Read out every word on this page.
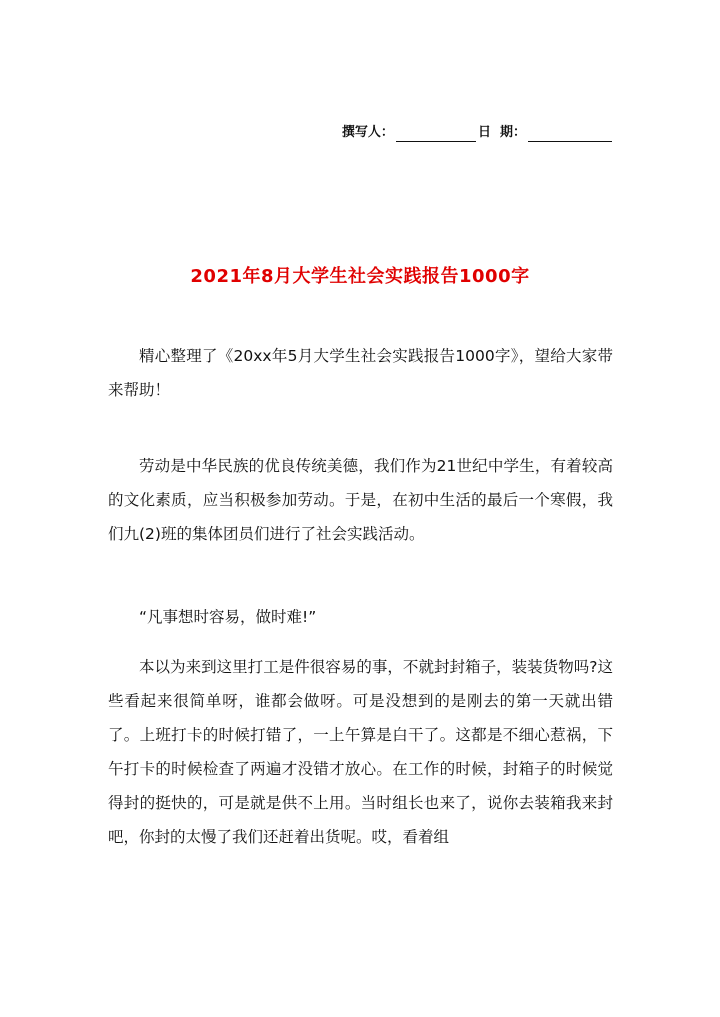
撰写人：	日  期：
2021年8月大学生社会实践报告1000字

精心整理了《20xx年5月大学生社会实践报告1000字》，望给大家带来帮助！

劳动是中华民族的优良传统美德，我们作为21世纪中学生，有着较高的文化素质，应当积极参加劳动。于是，在初中生活的最后一个寒假，我们九(2)班的集体团员们进行了社会实践活动。

“凡事想时容易，做时难!”

本以为来到这里打工是件很容易的事，不就封封箱子，装装货物吗?这些看起来很简单呀，谁都会做呀。可是没想到的是刚去的第一天就出错了。上班打卡的时候打错了，一上午算是白干了。这都是不细心惹祸，下午打卡的时候检查了两遍才没错才放心。在工作的时候，封箱子的时候觉得封的挺快的，可是就是供不上用。当时组长也来了，说你去装箱我来封吧，你封的太慢了我们还赶着出货呢。哎，看着组
